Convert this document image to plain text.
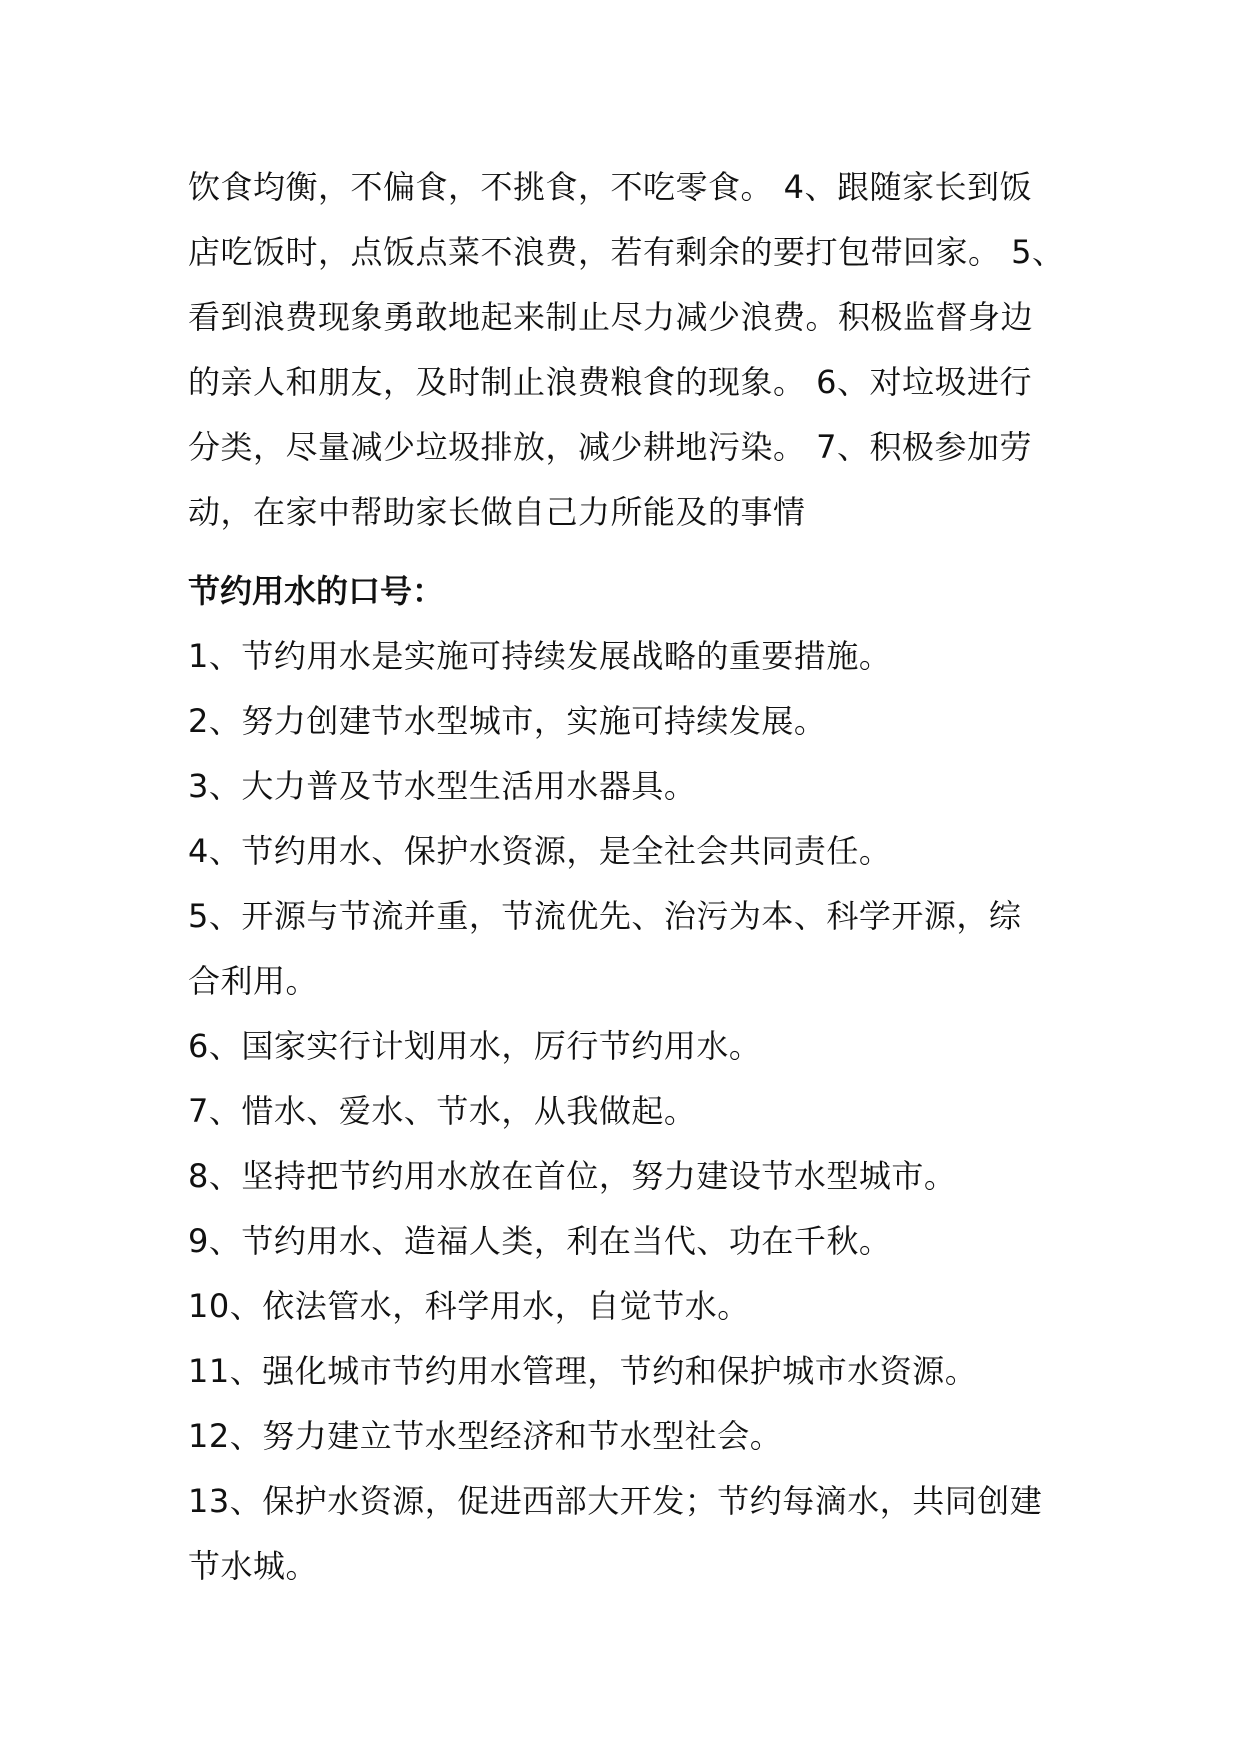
饮食均衡，不偏食，不挑食，不吃零食。 4、跟随家长到饭
店吃饭时，点饭点菜不浪费，若有剩余的要打包带回家。 5、
看到浪费现象勇敢地起来制止尽力减少浪费。积极监督身边
的亲人和朋友，及时制止浪费粮食的现象。 6、对垃圾进行
分类，尽量减少垃圾排放，减少耕地污染。 7、积极参加劳
动，在家中帮助家长做自己力所能及的事情
节约用水的口号：
1、节约用水是实施可持续发展战略的重要措施。
2、努力创建节水型城市，实施可持续发展。
3、大力普及节水型生活用水器具。
4、节约用水、保护水资源，是全社会共同责任。
5、开源与节流并重，节流优先、治污为本、科学开源，综
合利用。
6、国家实行计划用水，厉行节约用水。
7、惜水、爱水、节水，从我做起。
8、坚持把节约用水放在首位，努力建设节水型城市。
9、节约用水、造福人类，利在当代、功在千秋。
10、依法管水，科学用水，自觉节水。
11、强化城市节约用水管理，节约和保护城市水资源。
12、努力建立节水型经济和节水型社会。
13、保护水资源，促进西部大开发；节约每滴水，共同创建
节水城。
